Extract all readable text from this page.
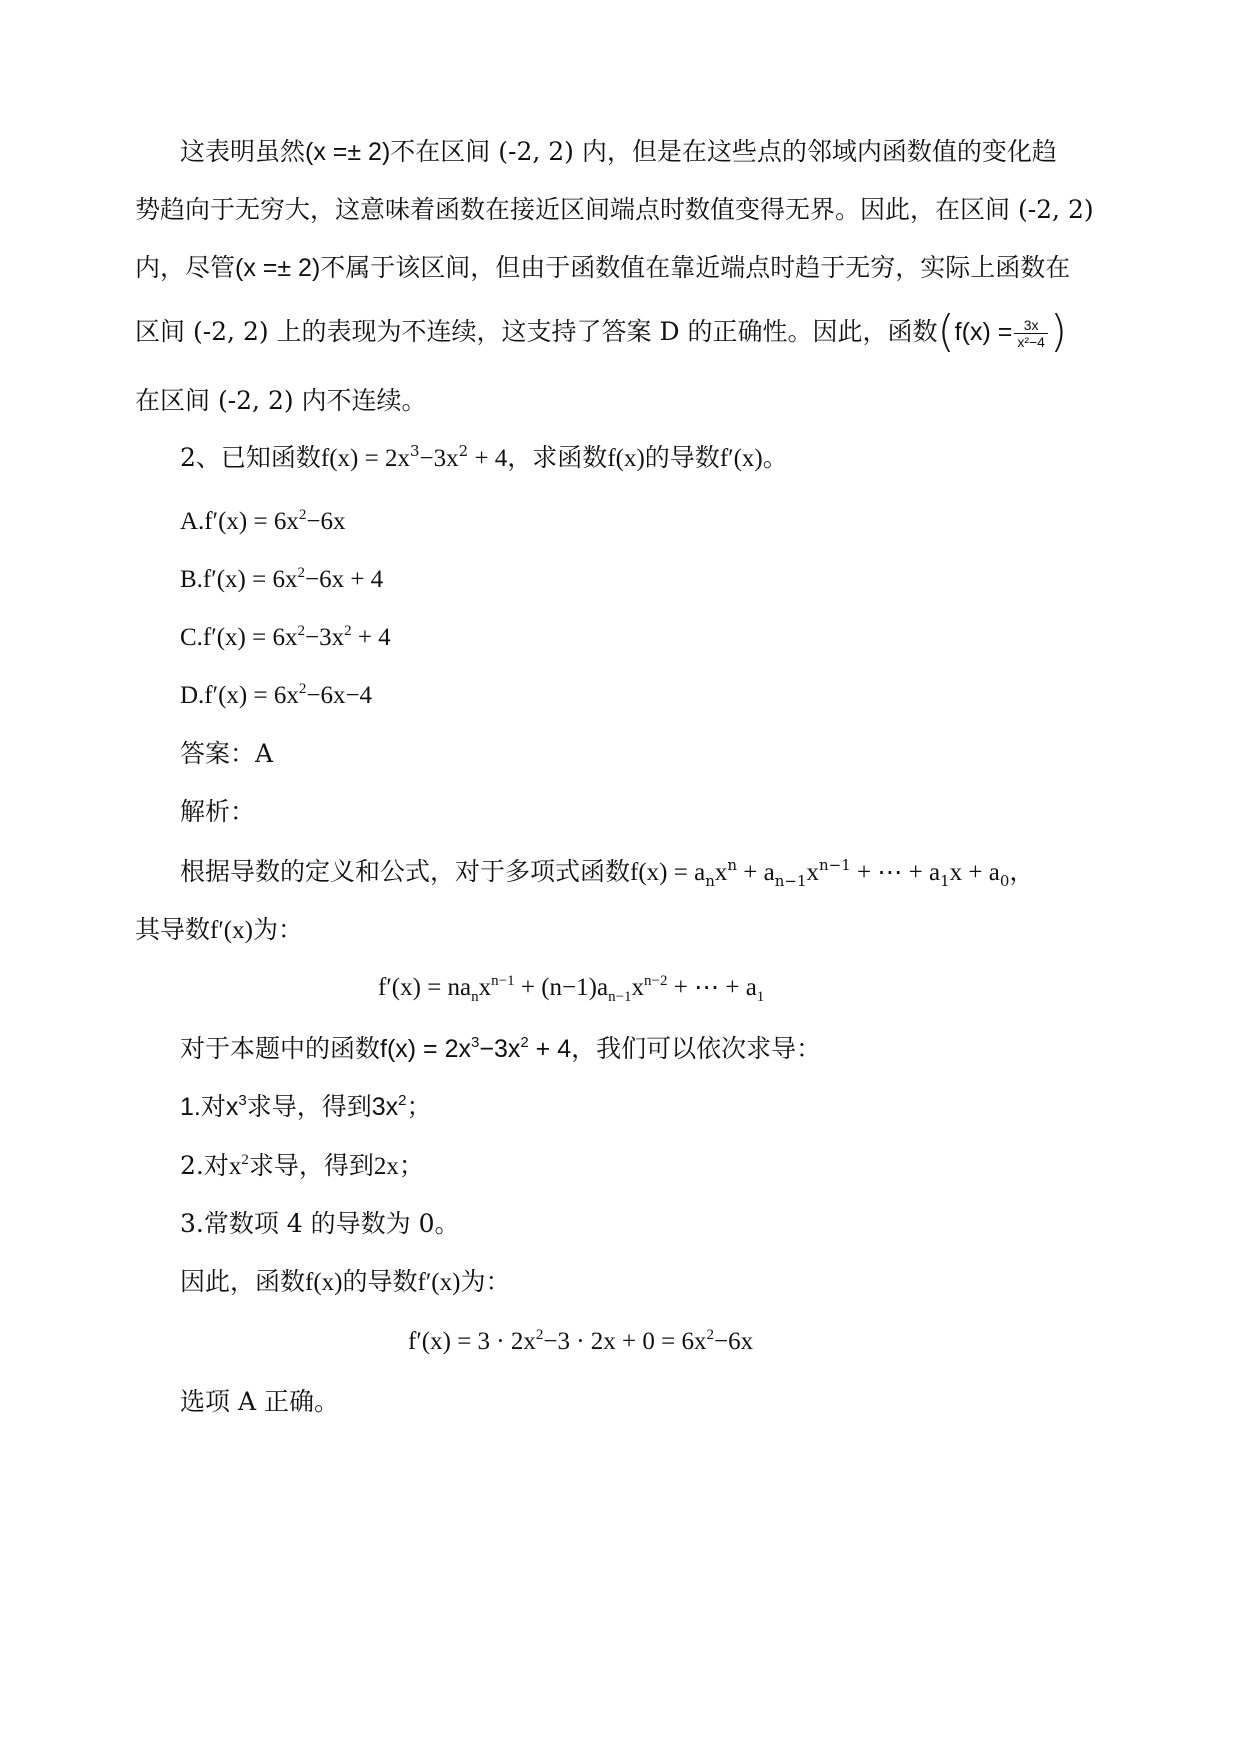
这表明虽然(x =± 2)不在区间 (-2, 2) 内，但是在这些点的邻域内函数值的变化趋
势趋向于无穷大，这意味着函数在接近区间端点时数值变得无界。因此，在区间 (-2, 2)
内，尽管(x =± 2)不属于该区间，但由于函数值在靠近端点时趋于无穷，实际上函数在
区间 (-2, 2) 上的表现为不连续，这支持了答案 D 的正确性。因此，函数($f(x) = \frac{3x}{\text{x²−4}}$ )
在区间 (-2, 2) 内不连续。
2、已知函数$f(x) = 2x^3-3x^2 + 4$，求函数f(x)的导数f′(x)。
$A.f'(x) = 6x^2-6x$
$B.f'(x) = 6x^2-6x + 4$
$C.f'(x) = 6x^2-3x^2 + 4$
$D.f'(x) = 6x^2-6x-4$
答案：A
解析：
根据导数的定义和公式，对于多项式函数$f(x) = a_nx^n + a_{n-1}x^{n-1}$ + ⋯ + $a_1x + a_0$，
其导数f′(x)为：
$f'(x) = na_nx^{n-1} + (n-1)a_{n-1}x^{n-2}$ + ⋯ + $a_1$
对于本题中的函数$f(x) = 2x^3-3x^2 + 4$，我们可以依次求导：
1.对$x^3$求导，得到$3x^2$；
2.对$x^2$求导，得到2x；
3.常数项 4 的导数为 0。
因此，函数f(x)的导数f′(x)为：
$f'(x) = 3 \cdot 2x^2-3 \cdot 2x + 0 = 6x^2-6x$
选项 A 正确。
